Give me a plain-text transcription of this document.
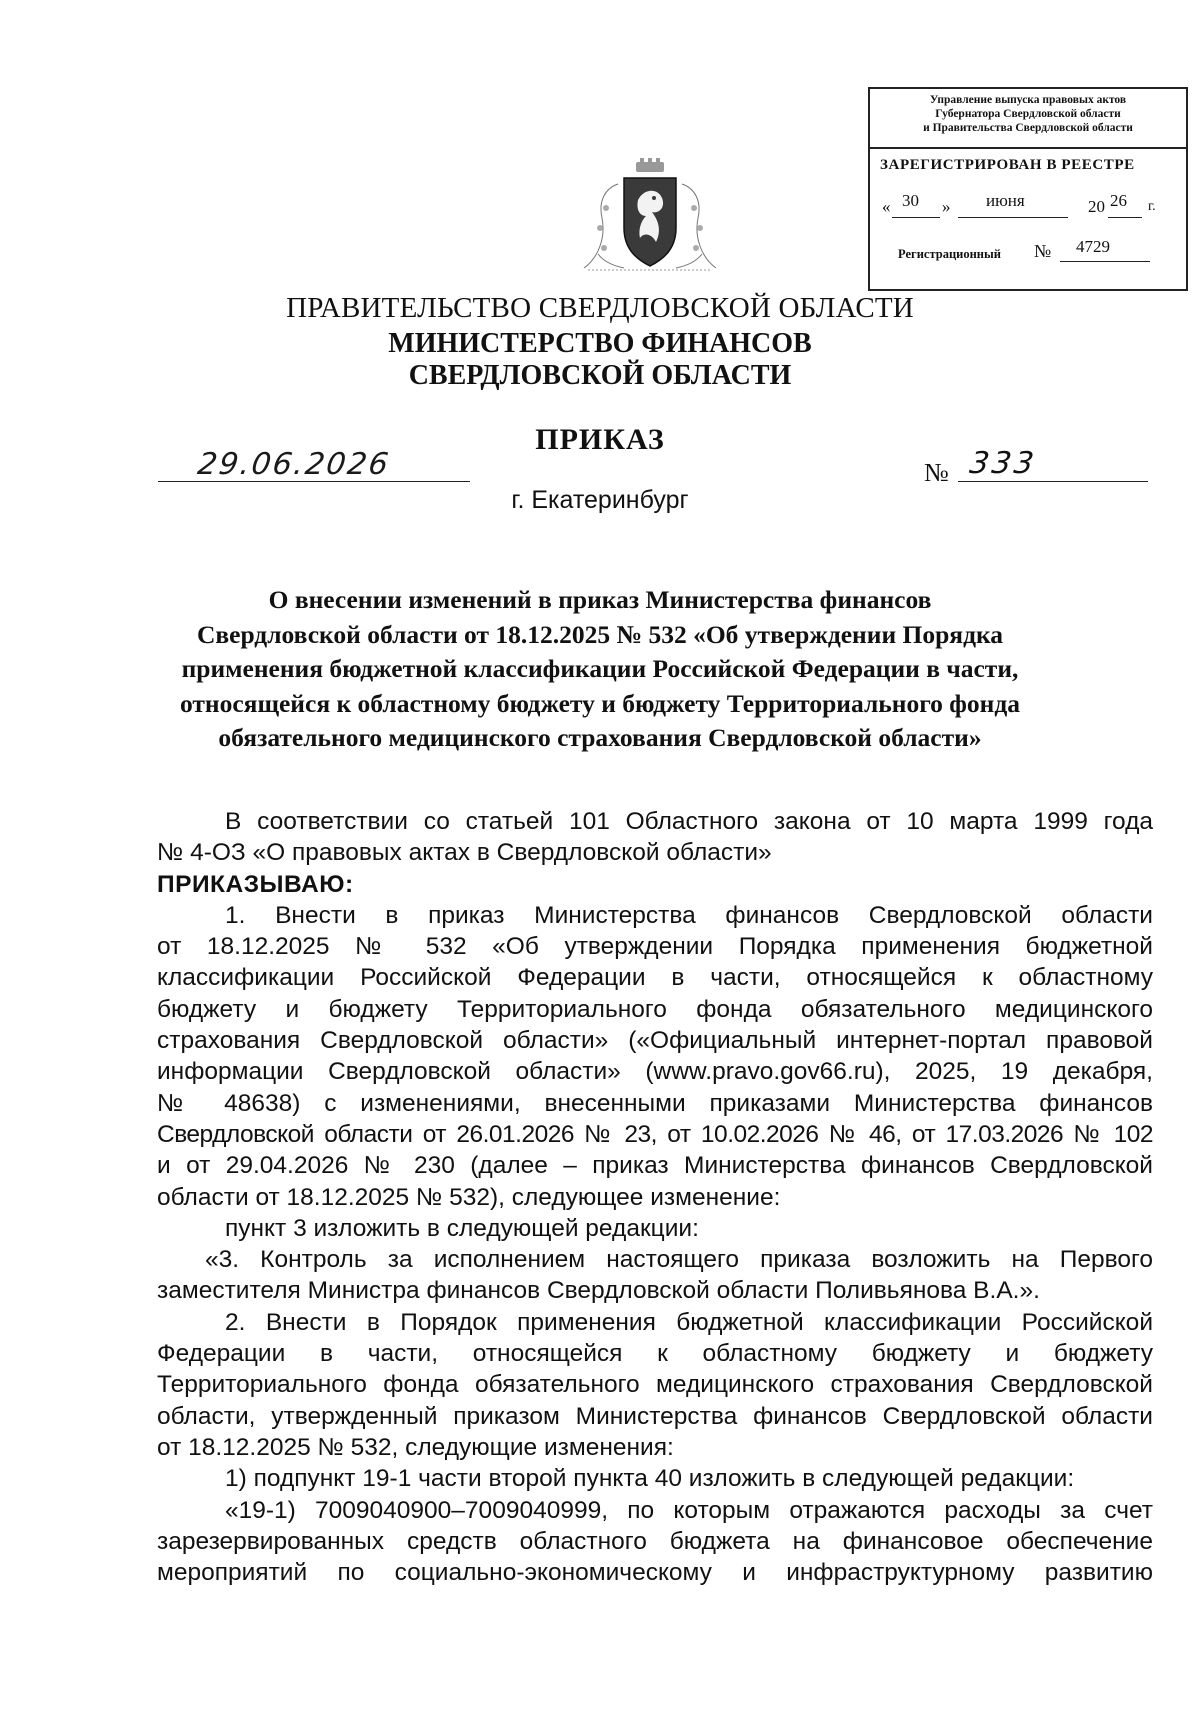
Управление выпуска правовых актов
Губернатора Свердловской области
и Правительства Свердловской области
ЗАРЕГИСТРИРОВАН В РЕЕСТРЕ
« 30 » июня	20 26 г.
Регистрационный № 4729
ПРАВИТЕЛЬСТВО СВЕРДЛОВСКОЙ ОБЛАСТИ
МИНИСТЕРСТВО ФИНАНСОВ
СВЕРДЛОВСКОЙ ОБЛАСТИ
ПРИКАЗ
29.06.2026	№ 333
г. Екатеринбург
О внесении изменений в приказ Министерства финансов
Свердловской области от 18.12.2025 № 532 «Об утверждении Порядка
применения бюджетной классификации Российской Федерации в части,
относящейся к областному бюджету и бюджету Территориального фонда
обязательного медицинского страхования Свердловской области»
В соответствии со статьей 101 Областного закона от 10 марта 1999 года
№ 4-ОЗ «О правовых актах в Свердловской области»
ПРИКАЗЫВАЮ:
1. Внести в приказ Министерства финансов Свердловской области
от 18.12.2025 № 532 «Об утверждении Порядка применения бюджетной
классификации Российской Федерации в части, относящейся к областному
бюджету и бюджету Территориального фонда обязательного медицинского
страхования Свердловской области» («Официальный интернет-портал правовой
информации Свердловской области» (www.pravo.gov66.ru), 2025, 19 декабря,
№ 48638) с изменениями, внесенными приказами Министерства финансов
Свердловской области от 26.01.2026 № 23, от 10.02.2026 № 46, от 17.03.2026 № 102
и от 29.04.2026 № 230 (далее – приказ Министерства финансов Свердловской
области от 18.12.2025 № 532), следующее изменение:
пункт 3 изложить в следующей редакции:
«3. Контроль за исполнением настоящего приказа возложить на Первого
заместителя Министра финансов Свердловской области Поливьянова В.А.».
2. Внести в Порядок применения бюджетной классификации Российской
Федерации в части, относящейся к областному бюджету и бюджету
Территориального фонда обязательного медицинского страхования Свердловской
области, утвержденный приказом Министерства финансов Свердловской области
от 18.12.2025 № 532, следующие изменения:
1) подпункт 19-1 части второй пункта 40 изложить в следующей редакции:
«19-1) 7009040900–7009040999, по которым отражаются расходы за счет
зарезервированных средств областного бюджета на финансовое обеспечение
мероприятий по социально-экономическому и инфраструктурному развитию
